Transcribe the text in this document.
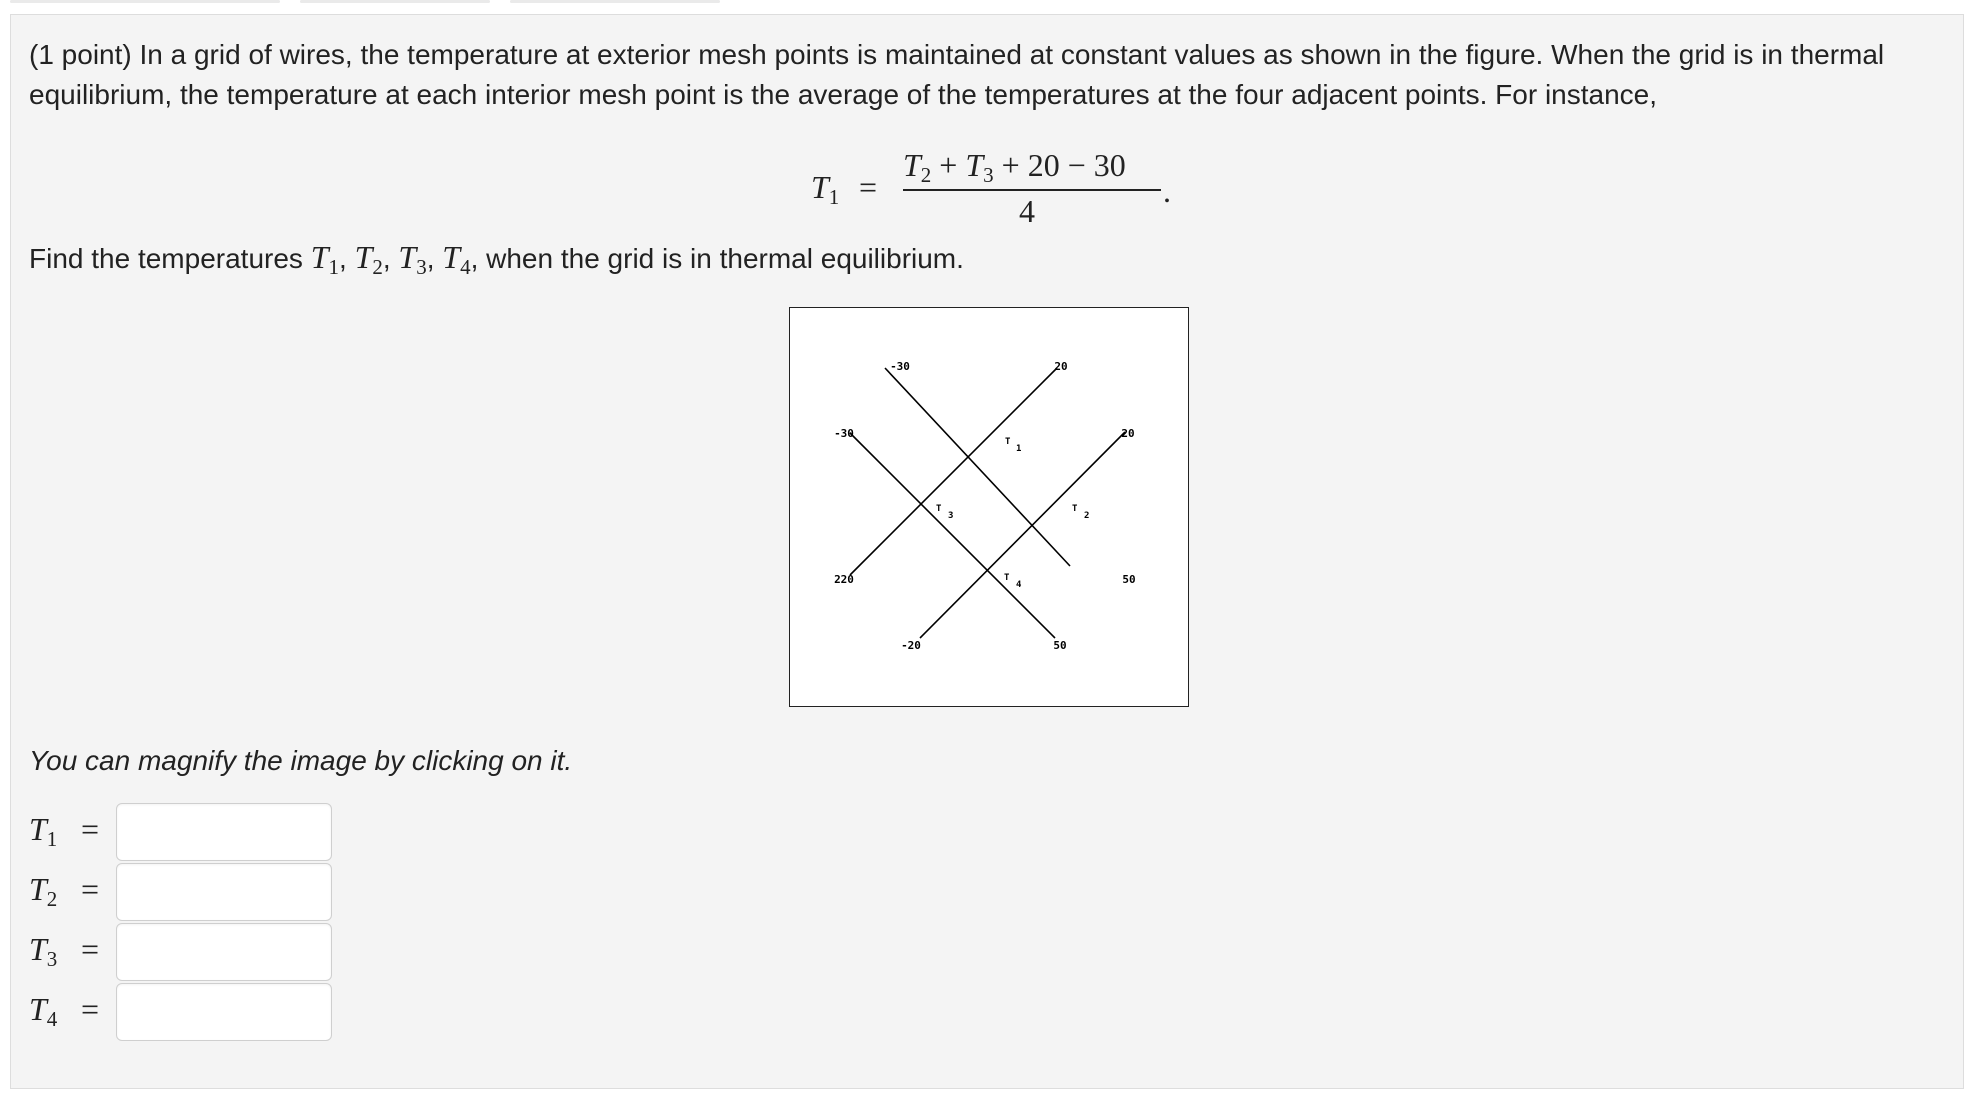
(1 point) In a grid of wires, the temperature at exterior mesh points is maintained at constant values as shown in the figure. When the grid is in thermal equilibrium, the temperature at each interior mesh point is the average of the temperatures at the four adjacent points. For instance,

$T_1$ =
$T_2 + T_3 + 20 - 30$
4
.

Find the temperatures $T_1$, $T_2$, $T_3$, $T_4$, when the grid is in thermal equilibrium.

-30	20
-30	20
220	50
-20	50
T
1
T
2
T
3
T
4

You can magnify the image by clicking on it.

$T_1$ =
$T_2$ =
$T_3$ =
$T_4$ =
